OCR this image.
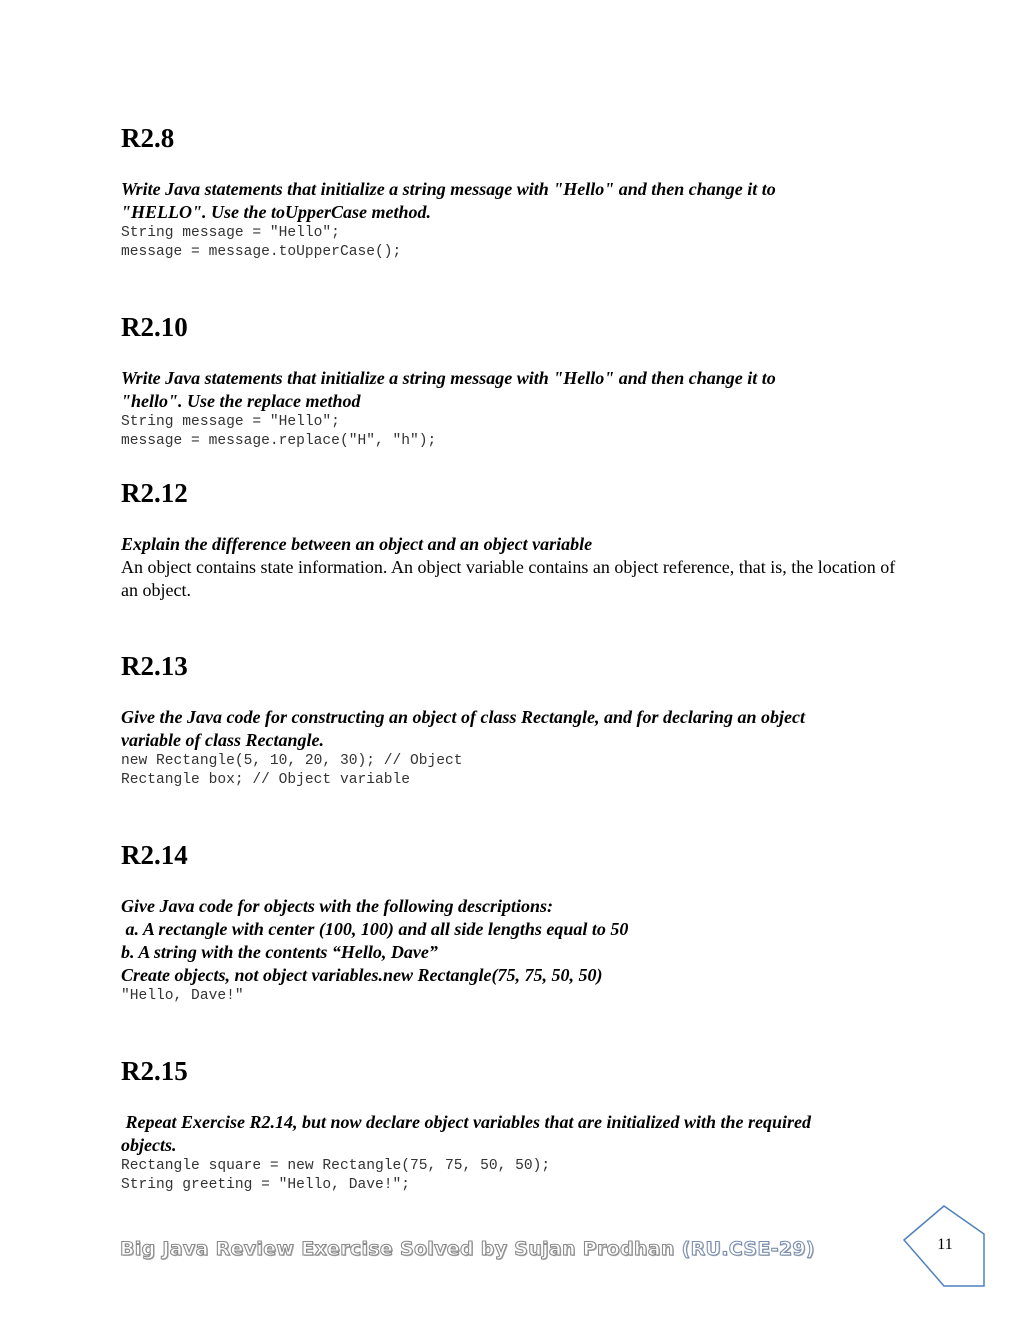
R2.8

Write Java statements that initialize a string message with "Hello" and then change it to
"HELLO". Use the toUpperCase method.

String message = "Hello";
message = message.toUpperCase();
R2.10

Write Java statements that initialize a string message with "Hello" and then change it to
"hello". Use the replace method

String message = "Hello";
message = message.replace("H", "h");
R2.12

Explain the difference between an object and an object variable

An object contains state information. An object variable contains an object reference, that is, the location of an object.

R2.13

Give the Java code for constructing an object of class Rectangle, and for declaring an object
variable of class Rectangle.

new Rectangle(5, 10, 20, 30); // Object
Rectangle box; // Object variable
R2.14

Give Java code for objects with the following descriptions:
a. A rectangle with center (100, 100) and all side lengths equal to 50
b. A string with the contents “Hello, Dave”
Create objects, not object variables.new Rectangle(75, 75, 50, 50)

"Hello, Dave!"
R2.15

Repeat Exercise R2.14, but now declare object variables that are initialized with the required
objects.

Rectangle square = new Rectangle(75, 75, 50, 50);
String greeting = "Hello, Dave!";
Big Java Review Exercise Solved by Sujan Prodhan (RU.CSE-29)	11
